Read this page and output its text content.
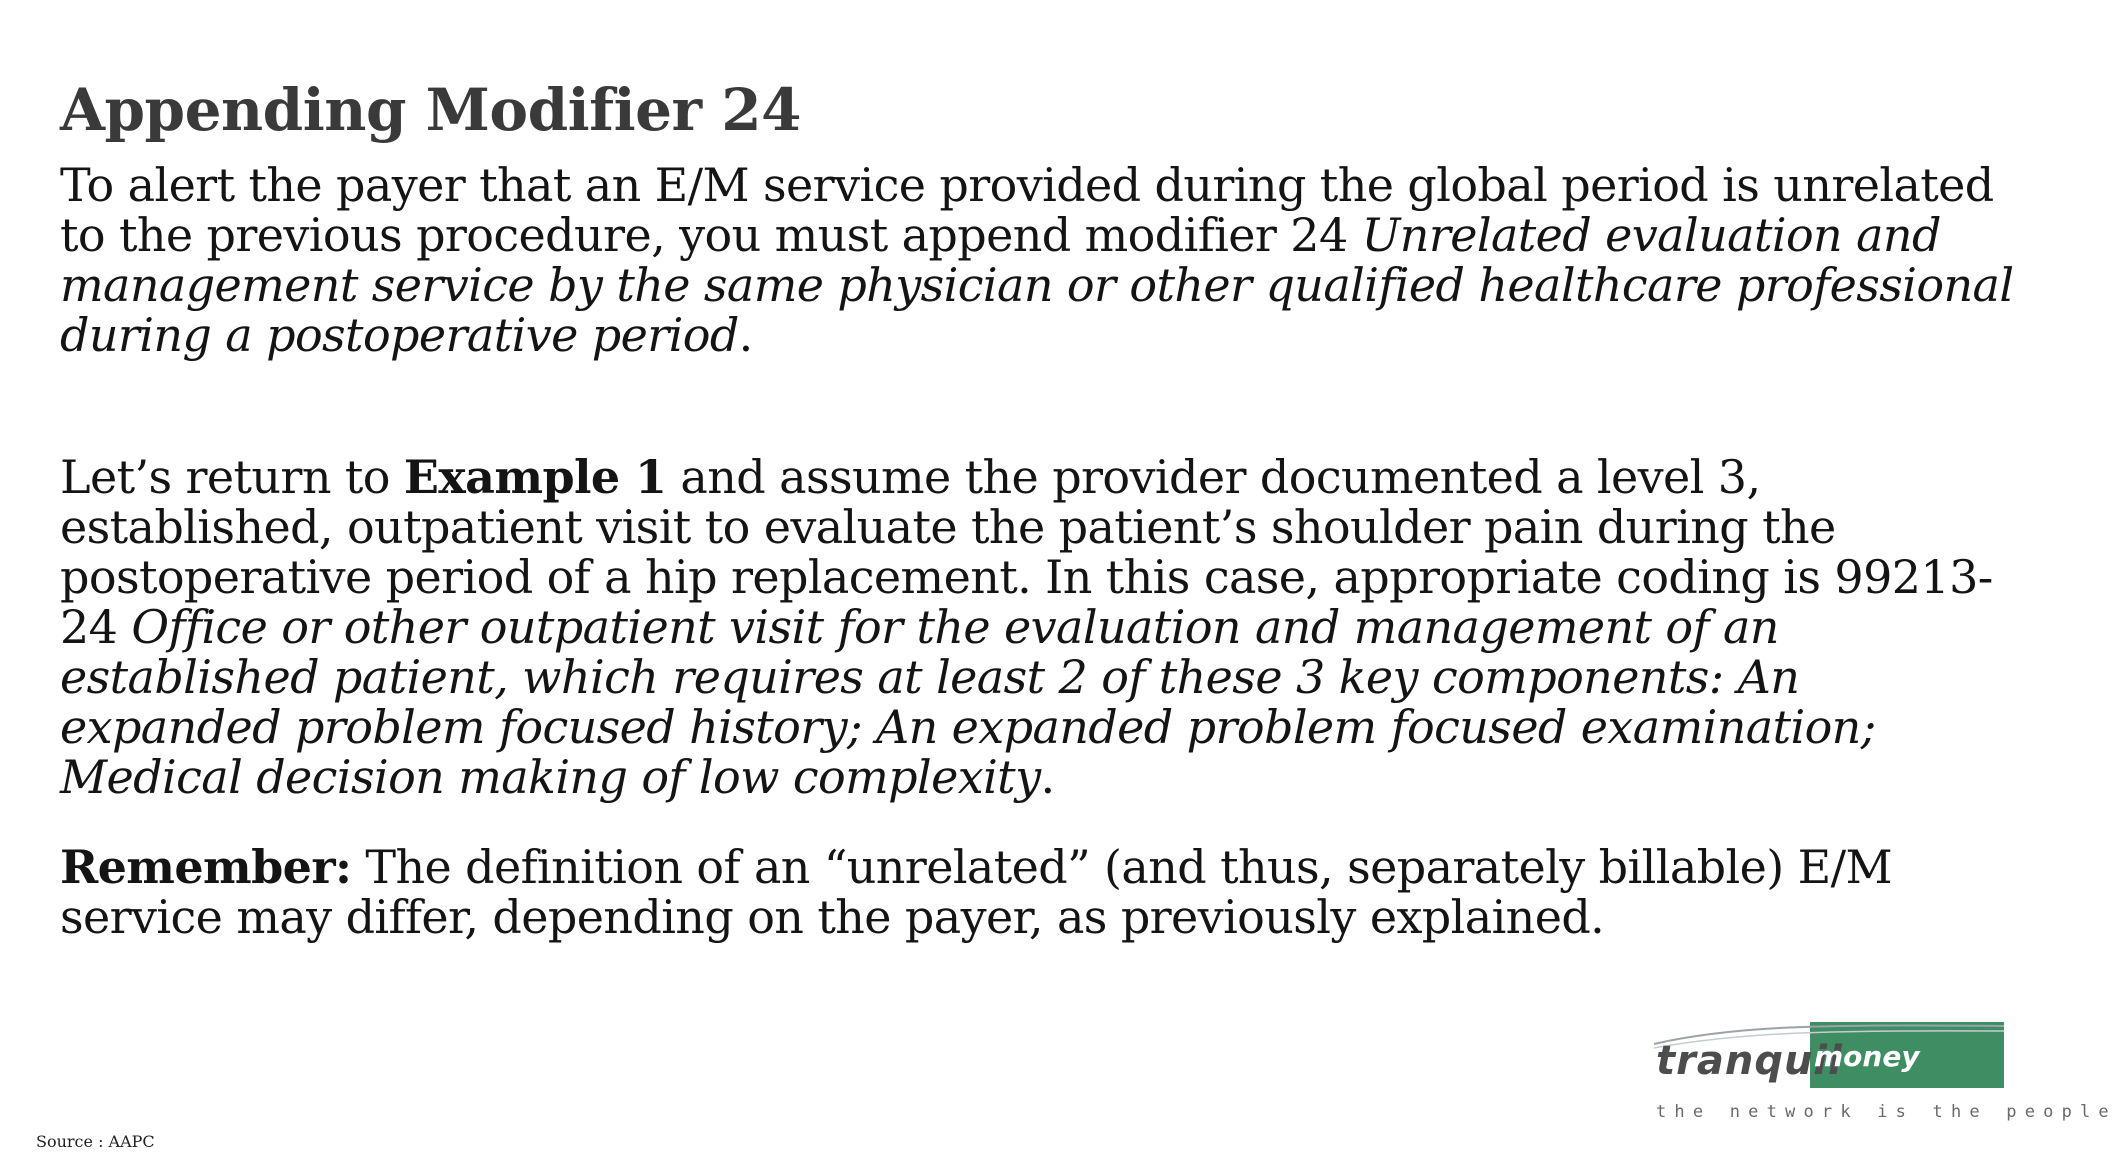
Appending Modifier 24

To alert the payer that an E/M service provided during the global period is unrelated to the previous procedure, you must append modifier 24 Unrelated evaluation and management service by the same physician or other qualified healthcare professional during a postoperative period.

Let’s return to Example 1 and assume the provider documented a level 3, established, outpatient visit to evaluate the patient’s shoulder pain during the postoperative period of a hip replacement. In this case, appropriate coding is 99213-24 Office or other outpatient visit for the evaluation and management of an established patient, which requires at least 2 of these 3 key components: An expanded problem focused history; An expanded problem focused examination; Medical decision making of low complexity.

Remember: The definition of an “unrelated” (and thus, separately billable) E/M service may differ, depending on the payer, as previously explained.

tranquil
money
the network is the people
Source : AAPC
